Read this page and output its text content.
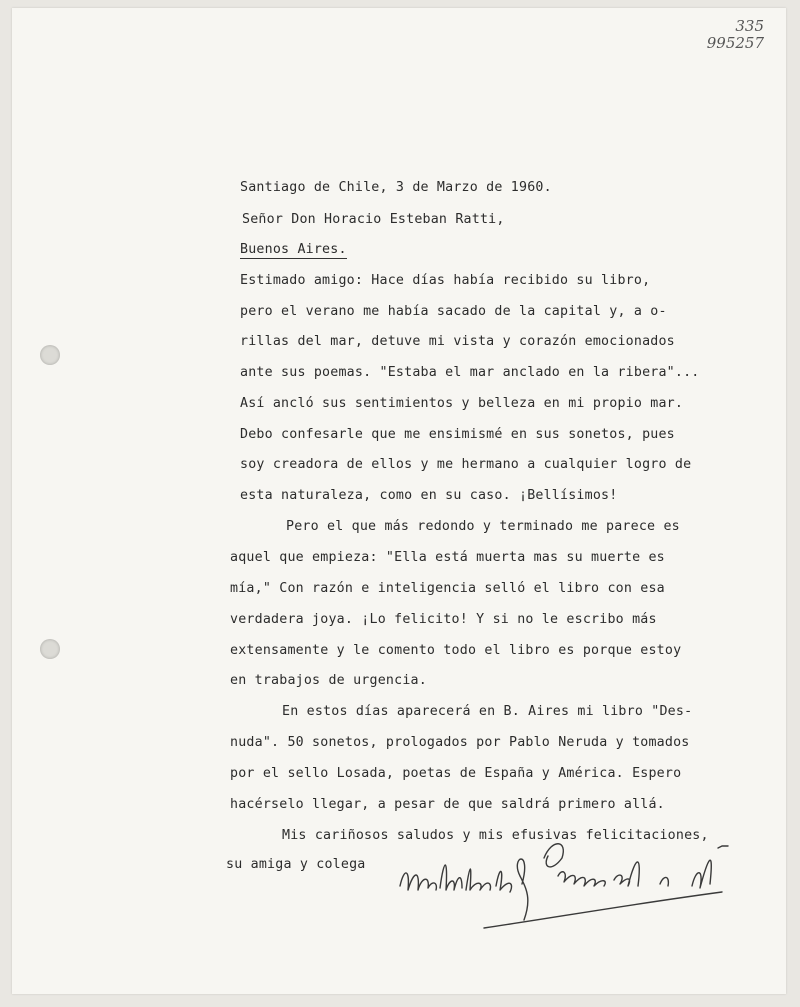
335
995257
Santiago de Chile, 3 de Marzo de 1960.
Señor Don Horacio Esteban Ratti,
Buenos Aires.
Estimado amigo: Hace días había recibido su libro,
pero el verano me había sacado de la capital y, a o-
rillas del mar, detuve mi vista y corazón emocionados
ante sus poemas. "Estaba el mar anclado en la ribera"...
Así ancló sus sentimientos y belleza en mi propio mar.
Debo confesarle que me ensimismé en sus sonetos, pues
soy creadora de ellos y me hermano a cualquier logro de
esta naturaleza, como en su caso. ¡Bellísimos!
Pero el que más redondo y terminado me parece es
aquel que empieza: "Ella está muerta mas su muerte es
mía," Con razón e inteligencia selló el libro con esa
verdadera joya. ¡Lo felicito! Y si no le escribo más
extensamente y le comento todo el libro es porque estoy
en trabajos de urgencia.
En estos días aparecerá en B. Aires mi libro "Des-
nuda". 50 sonetos, prologados por Pablo Neruda y tomados
por el sello Losada, poetas de España y América. Espero
hacérselo llegar, a pesar de que saldrá primero allá.
Mis cariñosos saludos y mis efusivas felicitaciones,
su amiga y colega
